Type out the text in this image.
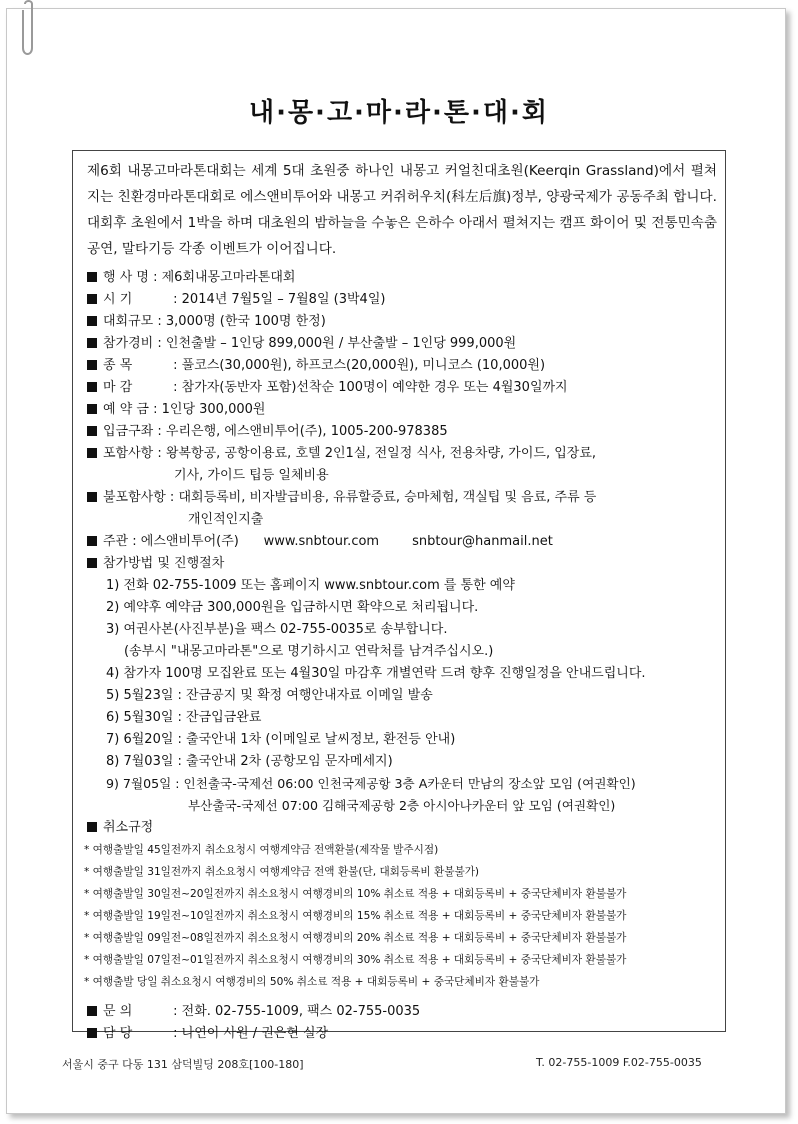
내·몽·고·마·라·톤·대·회
제6회 내몽고마라톤대회는 세계 5대 초원중 하나인 내몽고 커얼친대초원(Keerqin Grassland)에서 펼쳐지는 친환경마라톤대회로 에스앤비투어와 내몽고 커쥐허우치(科左后旗)정부, 양광국제가 공동주최 합니다. 대회후 초원에서 1박을 하며 대초원의 밤하늘을 수놓은 은하수 아래서 펼쳐지는 캠프 화이어 및 전통민속춤 공연, 말타기등 각종 이벤트가 이어집니다.
행 사 명 : 제6회내몽고마라톤대회
시 기	: 2014년 7월5일 – 7월8일 (3박4일)
대회규모 : 3,000명 (한국 100명 한정)
참가경비 : 인천출발 – 1인당 899,000원 / 부산출발 – 1인당 999,000원
종 목	: 풀코스(30,000원), 하프코스(20,000원), 미니코스 (10,000원)
마 감	: 참가자(동반자 포함)선착순 100명이 예약한 경우 또는 4월30일까지
예 약 금 : 1인당 300,000원
입금구좌 : 우리은행, 에스앤비투어(주), 1005-200-978385
포함사항 : 왕복항공, 공항이용료, 호텔 2인1실, 전일정 식사, 전용차량, 가이드, 입장료,
기사, 가이드 팁등 일체비용
불포함사항 : 대회등록비, 비자발급비용, 유류할증료, 승마체험, 객실팁 및 음료, 주류 등
개인적인지출
주관 : 에스앤비투어(주) www.snbtour.com	snbtour@hanmail.net
참가방법 및 진행절차
1) 전화 02-755-1009 또는 홈페이지 www.snbtour.com 를 통한 예약
2) 예약후 예약금 300,000원을 입금하시면 확약으로 처리됩니다.
3) 여권사본(사진부분)을 팩스 02-755-0035로 송부합니다.
(송부시 "내몽고마라톤"으로 명기하시고 연락처를 남겨주십시오.)
4) 참가자 100명 모집완료 또는 4월30일 마감후 개별연락 드려 향후 진행일정을 안내드립니다.
5) 5월23일 : 잔금공지 및 확정 여행안내자료 이메일 발송
6) 5월30일 : 잔금입금완료
7) 6월20일 : 출국안내 1차 (이메일로 날씨정보, 환전등 안내)
8) 7월03일 : 출국안내 2차 (공항모임 문자메세지)
9) 7월05일 : 인천출국-국제선 06:00 인천국제공항 3층 A카운터 만남의 장소앞 모임 (여권확인)
부산출국-국제선 07:00 김해국제공항 2층 아시아나카운터 앞 모임 (여권확인)
취소규정
* 여행출발일 45일전까지 취소요청시 여행계약금 전액환불(제작물 발주시점)
* 여행출발일 31일전까지 취소요청시 여행계약금 전액 환불(단, 대회등록비 환불불가)
* 여행출발일 30일전~20일전까지 취소요청시 여행경비의 10% 취소료 적용 + 대회등록비 + 중국단체비자 환불불가
* 여행출발일 19일전~10일전까지 취소요청시 여행경비의 15% 취소료 적용 + 대회등록비 + 중국단체비자 환불불가
* 여행출발일 09일전~08일전까지 취소요청시 여행경비의 20% 취소료 적용 + 대회등록비 + 중국단체비자 환불불가
* 여행출발일 07일전~01일전까지 취소요청시 여행경비의 30% 취소료 적용 + 대회등록비 + 중국단체비자 환불불가
* 여행출발 당일 취소요청시 여행경비의 50% 취소료 적용 + 대회등록비 + 중국단체비자 환불불가
문 의	: 전화. 02-755-1009, 팩스 02-755-0035
담 당	: 나연이 사원 / 권은현 실장
서울시 중구 다동 131 삼덕빌딩 208호[100-180]	T. 02-755-1009 F.02-755-0035
